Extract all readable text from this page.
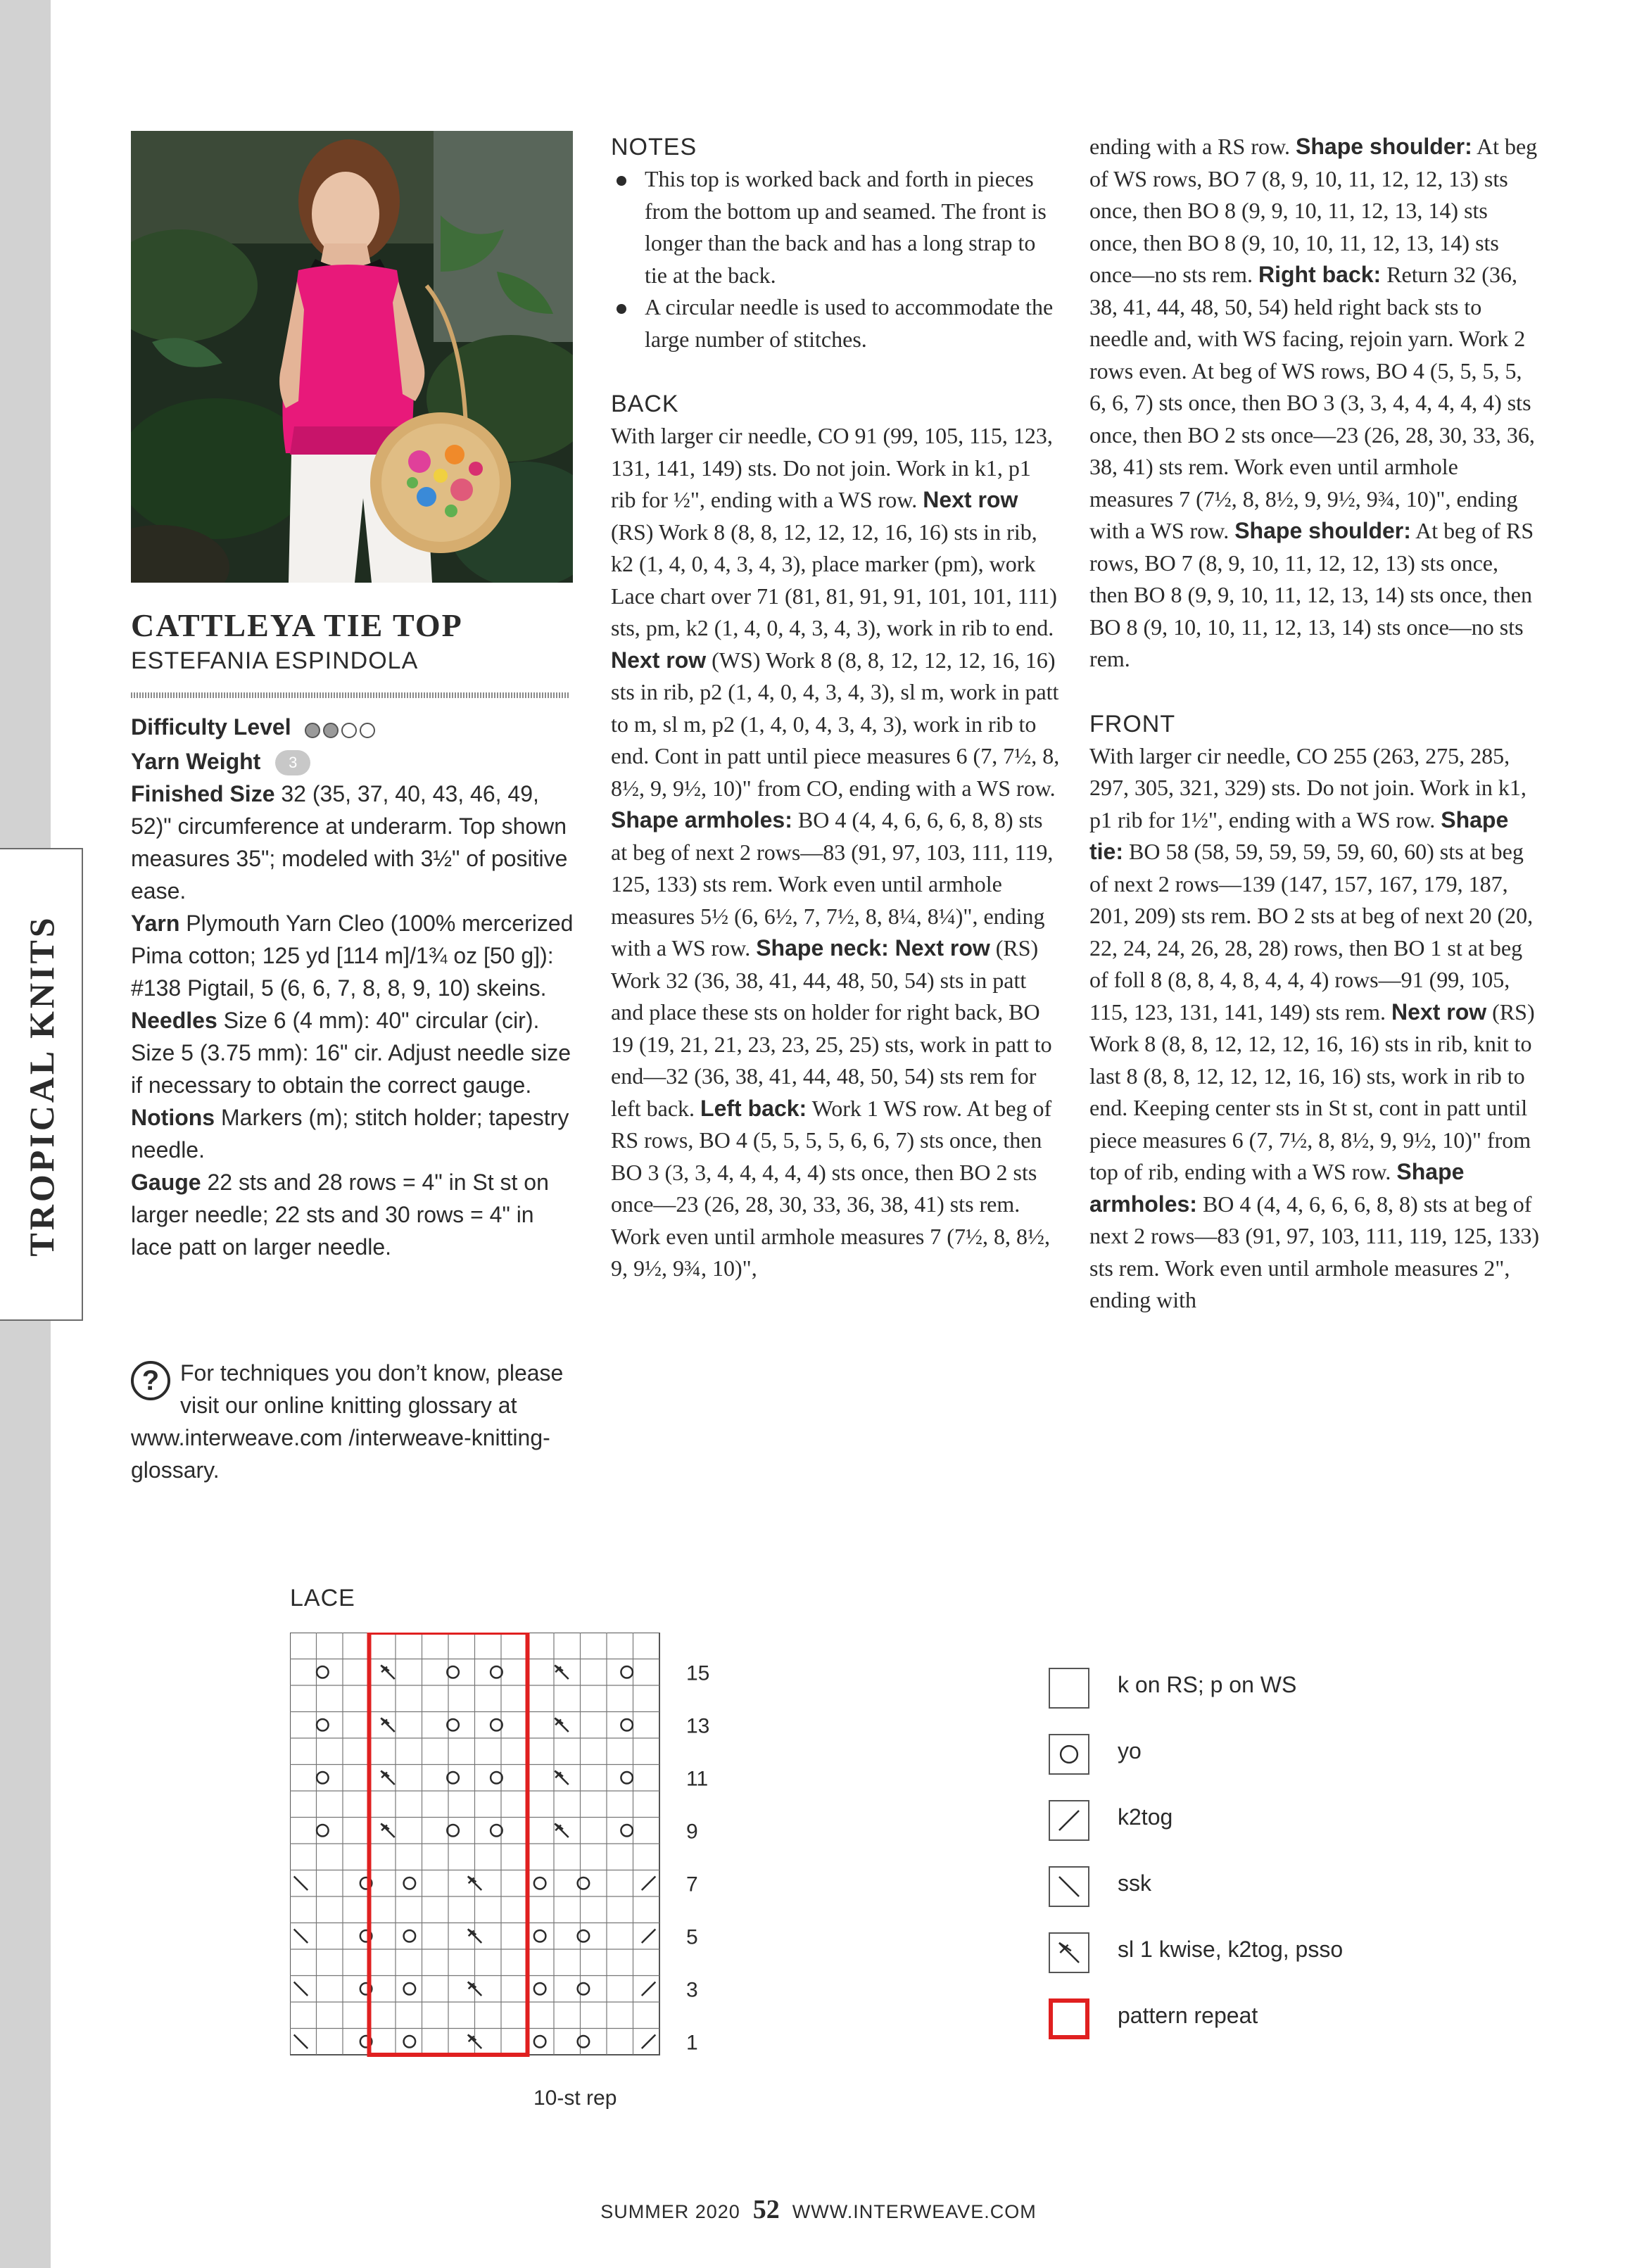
TROPICAL KNITS
CATTLEYA TIE TOP
ESTEFANIA ESPINDOLA

Difficulty Level

Yarn Weight 3

Finished Size 32 (35, 37, 40, 43, 46, 49, 52)" circumference at underarm. Top shown measures 35"; modeled with 3½" of positive ease.

Yarn Plymouth Yarn Cleo (100% mercerized Pima cotton; 125 yd [114 m]/1¾ oz [50 g]): #138 Pigtail, 5 (6, 6, 7, 8, 8, 9, 10) skeins.

Needles Size 6 (4 mm): 40" circular (cir). Size 5 (3.75 mm): 16" cir. Adjust needle size if necessary to obtain the correct gauge.

Notions Markers (m); stitch holder; tapestry needle.

Gauge 22 sts and 28 rows = 4" in St st on larger needle; 22 sts and 30 rows = 4" in lace patt on larger needle.

? For techniques you don’t know, please visit our online knitting glossary at www.interweave.com /interweave-knitting-glossary.
NOTES
This top is worked back and forth in pieces from the bottom up and seamed. The front is longer than the back and has a long strap to tie at the back.
A circular needle is used to accommodate the large number of stitches.
BACK

With larger cir needle, CO 91 (99, 105, 115, 123, 131, 141, 149) sts. Do not join. Work in k1, p1 rib for ½", ending with a WS row. Next row (RS) Work 8 (8, 8, 12, 12, 12, 16, 16) sts in rib, k2 (1, 4, 0, 4, 3, 4, 3), place marker (pm), work Lace chart over 71 (81, 81, 91, 91, 101, 101, 111) sts, pm, k2 (1, 4, 0, 4, 3, 4, 3), work in rib to end. Next row (WS) Work 8 (8, 8, 12, 12, 12, 16, 16) sts in rib, p2 (1, 4, 0, 4, 3, 4, 3), sl m, work in patt to m, sl m, p2 (1, 4, 0, 4, 3, 4, 3), work in rib to end. Cont in patt until piece measures 6 (7, 7½, 8, 8½, 9, 9½, 10)" from CO, ending with a WS row. Shape armholes: BO 4 (4, 4, 6, 6, 6, 8, 8) sts at beg of next 2 rows—83 (91, 97, 103, 111, 119, 125, 133) sts rem. Work even until armhole measures 5½ (6, 6½, 7, 7½, 8, 8¼, 8¼)", ending with a WS row. Shape neck: Next row (RS) Work 32 (36, 38, 41, 44, 48, 50, 54) sts in patt and place these sts on holder for right back, BO 19 (19, 21, 21, 23, 23, 25, 25) sts, work in patt to end—32 (36, 38, 41, 44, 48, 50, 54) sts rem for left back. Left back: Work 1 WS row. At beg of RS rows, BO 4 (5, 5, 5, 5, 6, 6, 7) sts once, then BO 3 (3, 3, 4, 4, 4, 4, 4) sts once, then BO 2 sts once—23 (26, 28, 30, 33, 36, 38, 41) sts rem. Work even until armhole measures 7 (7½, 8, 8½, 9, 9½, 9¾, 10)",

ending with a RS row. Shape shoulder: At beg of WS rows, BO 7 (8, 9, 10, 11, 12, 12, 13) sts once, then BO 8 (9, 9, 10, 11, 12, 13, 14) sts once, then BO 8 (9, 10, 10, 11, 12, 13, 14) sts once—no sts rem. Right back: Return 32 (36, 38, 41, 44, 48, 50, 54) held right back sts to needle and, with WS facing, rejoin yarn. Work 2 rows even. At beg of WS rows, BO 4 (5, 5, 5, 5, 6, 6, 7) sts once, then BO 3 (3, 3, 4, 4, 4, 4, 4) sts once, then BO 2 sts once—23 (26, 28, 30, 33, 36, 38, 41) sts rem. Work even until armhole measures 7 (7½, 8, 8½, 9, 9½, 9¾, 10)", ending with a WS row. Shape shoulder: At beg of RS rows, BO 7 (8, 9, 10, 11, 12, 12, 13) sts once, then BO 8 (9, 9, 10, 11, 12, 13, 14) sts once, then BO 8 (9, 10, 10, 11, 12, 13, 14) sts once—no sts rem.

FRONT

With larger cir needle, CO 255 (263, 275, 285, 297, 305, 321, 329) sts. Do not join. Work in k1, p1 rib for 1½", ending with a WS row. Shape tie: BO 58 (58, 59, 59, 59, 59, 60, 60) sts at beg of next 2 rows—139 (147, 157, 167, 179, 187, 201, 209) sts rem. BO 2 sts at beg of next 20 (20, 22, 24, 24, 26, 28, 28) rows, then BO 1 st at beg of foll 8 (8, 8, 4, 8, 4, 4, 4) rows—91 (99, 105, 115, 123, 131, 141, 149) sts rem. Next row (RS) Work 8 (8, 8, 12, 12, 12, 16, 16) sts in rib, knit to last 8 (8, 8, 12, 12, 12, 16, 16) sts, work in rib to end. Keeping center sts in St st, cont in patt until piece measures 6 (7, 7½, 8, 8½, 9, 9½, 10)" from top of rib, ending with a WS row. Shape armholes: BO 4 (4, 4, 6, 6, 6, 8, 8) sts at beg of next 2 rows—83 (91, 97, 103, 111, 119, 125, 133) sts rem. Work even until armhole measures 2", ending with

LACE
15
13
11
9
7
5
3
1
10-st rep
k on RS; p on WS
yo
k2tog
ssk
sl 1 kwise, k2tog, psso
pattern repeat
SUMMER 2020 52 WWW.INTERWEAVE.COM
